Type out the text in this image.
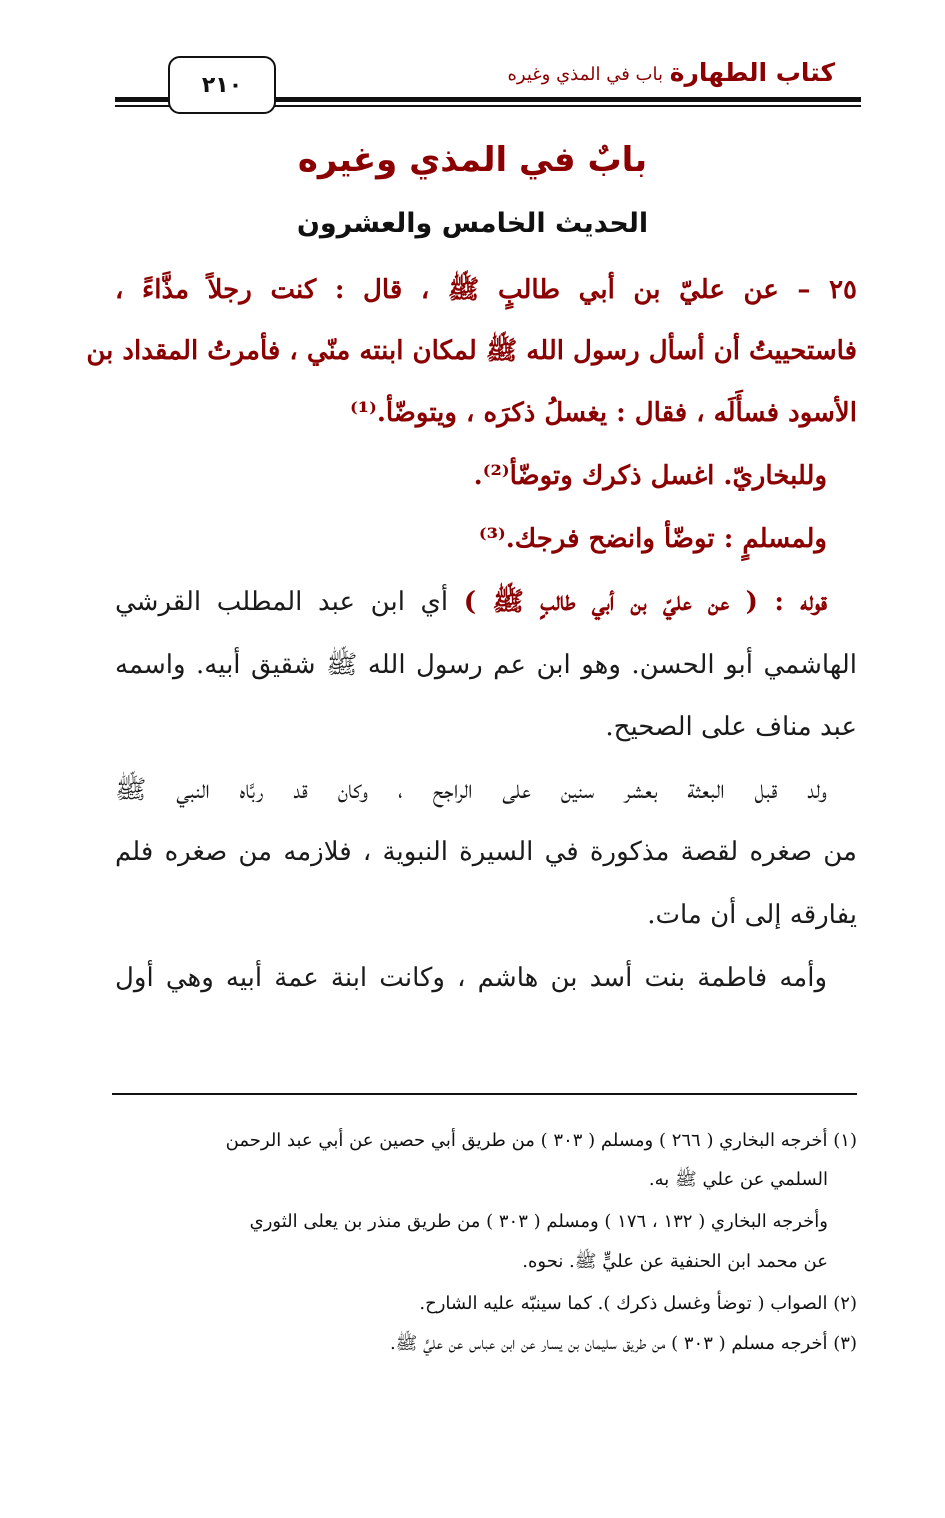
كتاب الطهارة
باب في المذي وغيره
٢١٠
بابٌ في المذي وغيره
الحديث الخامس والعشرون
٢٥ – عن عليّ بن أبي طالبٍ ﷺ ، قال : كنت رجلاً مذَّاءً ،
فاستحييتُ أن أسأل رسول الله ﷺ لمكان ابنته منّي ، فأمرتُ المقداد بن
الأسود فسأَلَه ، فقال : يغسلُ ذكرَه ، ويتوضّأ.⁽¹⁾
وللبخاريّ. اغسل ذكرك وتوضّأ⁽²⁾.
ولمسلمٍ : توضّأ وانضح فرجك.⁽³⁾
قوله : ( عن عليّ بن أبي طالبٍ ﷺ ) أي ابن عبد المطلب القرشي
الهاشمي أبو الحسن. وهو ابن عم رسول الله ﷺ شقيق أبيه. واسمه
عبد مناف على الصحيح.
ولد قبل البعثة بعشر سنين على الراجح ، وكان قد ربَّاه النبي ﷺ
من صغره لقصة مذكورة في السيرة النبوية ، فلازمه من صغره فلم
يفارقه إلى أن مات.
وأمه فاطمة بنت أسد بن هاشم ، وكانت ابنة عمة أبيه وهي أول
(١) أخرجه البخاري ( ٢٦٦ ) ومسلم ( ٣٠٣ ) من طريق أبي حصين عن أبي عبد الرحمن
السلمي عن علي ﷺ به.
وأخرجه البخاري ( ١٣٢ ، ١٧٦ ) ومسلم ( ٣٠٣ ) من طريق منذر بن يعلى الثوري
عن محمد ابن الحنفية عن عليٍّ ﷺ. نحوه.
(٢) الصواب ( توضأ وغسل ذكرك ). كما سينبّه عليه الشارح.
(٣) أخرجه مسلم ( ٣٠٣ ) من طريق سليمان بن يسار عن ابن عباس عن عليٍّ ﷺ.
